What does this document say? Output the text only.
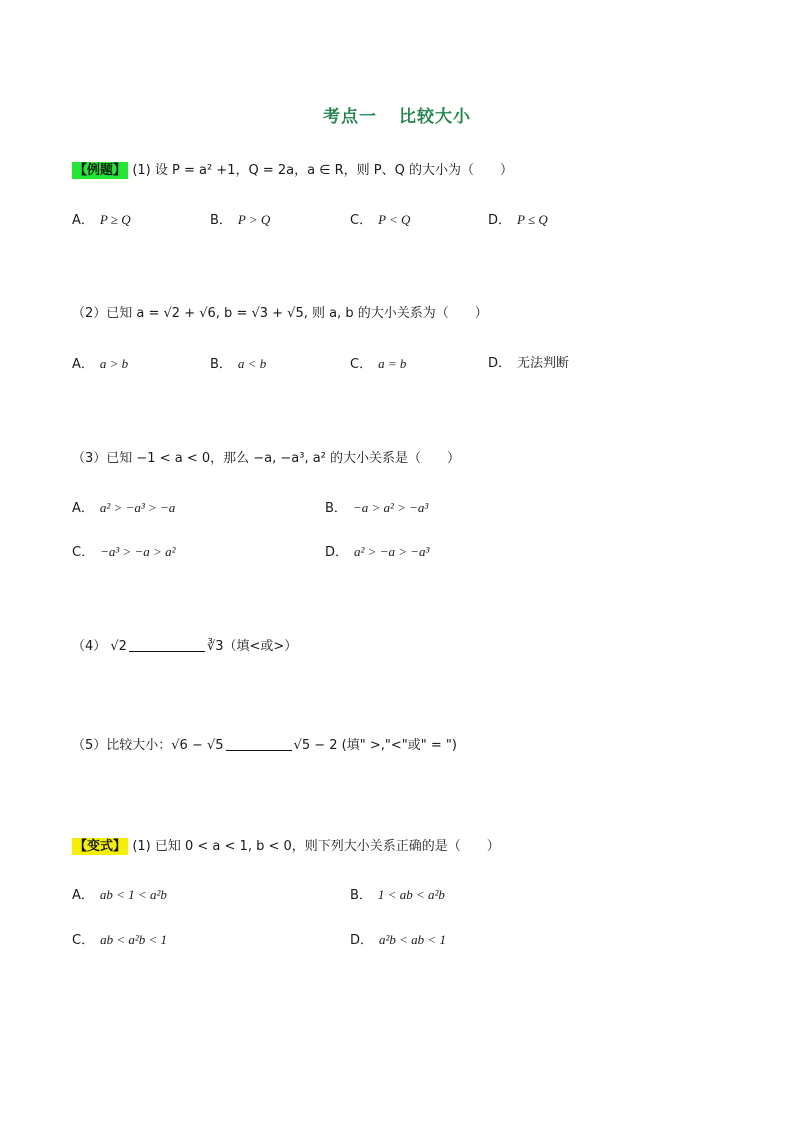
考点一 比较大小
【例题】 (1) 设 P = a² +1，Q = 2a，a ∈ R，则 P、Q 的大小为（　　）
A． P ≥ Q	B． P > Q	C． P < Q	D． P ≤ Q
（2）已知 a = √2 + √6, b = √3 + √5, 则 a, b 的大小关系为（　　）
A． a > b	B． a < b	C． a = b	D． 无法判断
（3）已知 −1 < a < 0，那么 −a, −a³, a² 的大小关系是（　　）
A． a² > −a³ > −a	B． −a > a² > −a³
C． −a³ > −a > a²	D． a² > −a > −a³
（4） √2	∛3（填<或>）
（5）比较大小：√6 − √5	√5 − 2 (填" >,"<"或" = ")
【变式】 (1) 已知 0 < a < 1, b < 0，则下列大小关系正确的是（　　）
A． ab < 1 < a²b	B． 1 < ab < a²b
C． ab < a²b < 1	D． a²b < ab < 1
